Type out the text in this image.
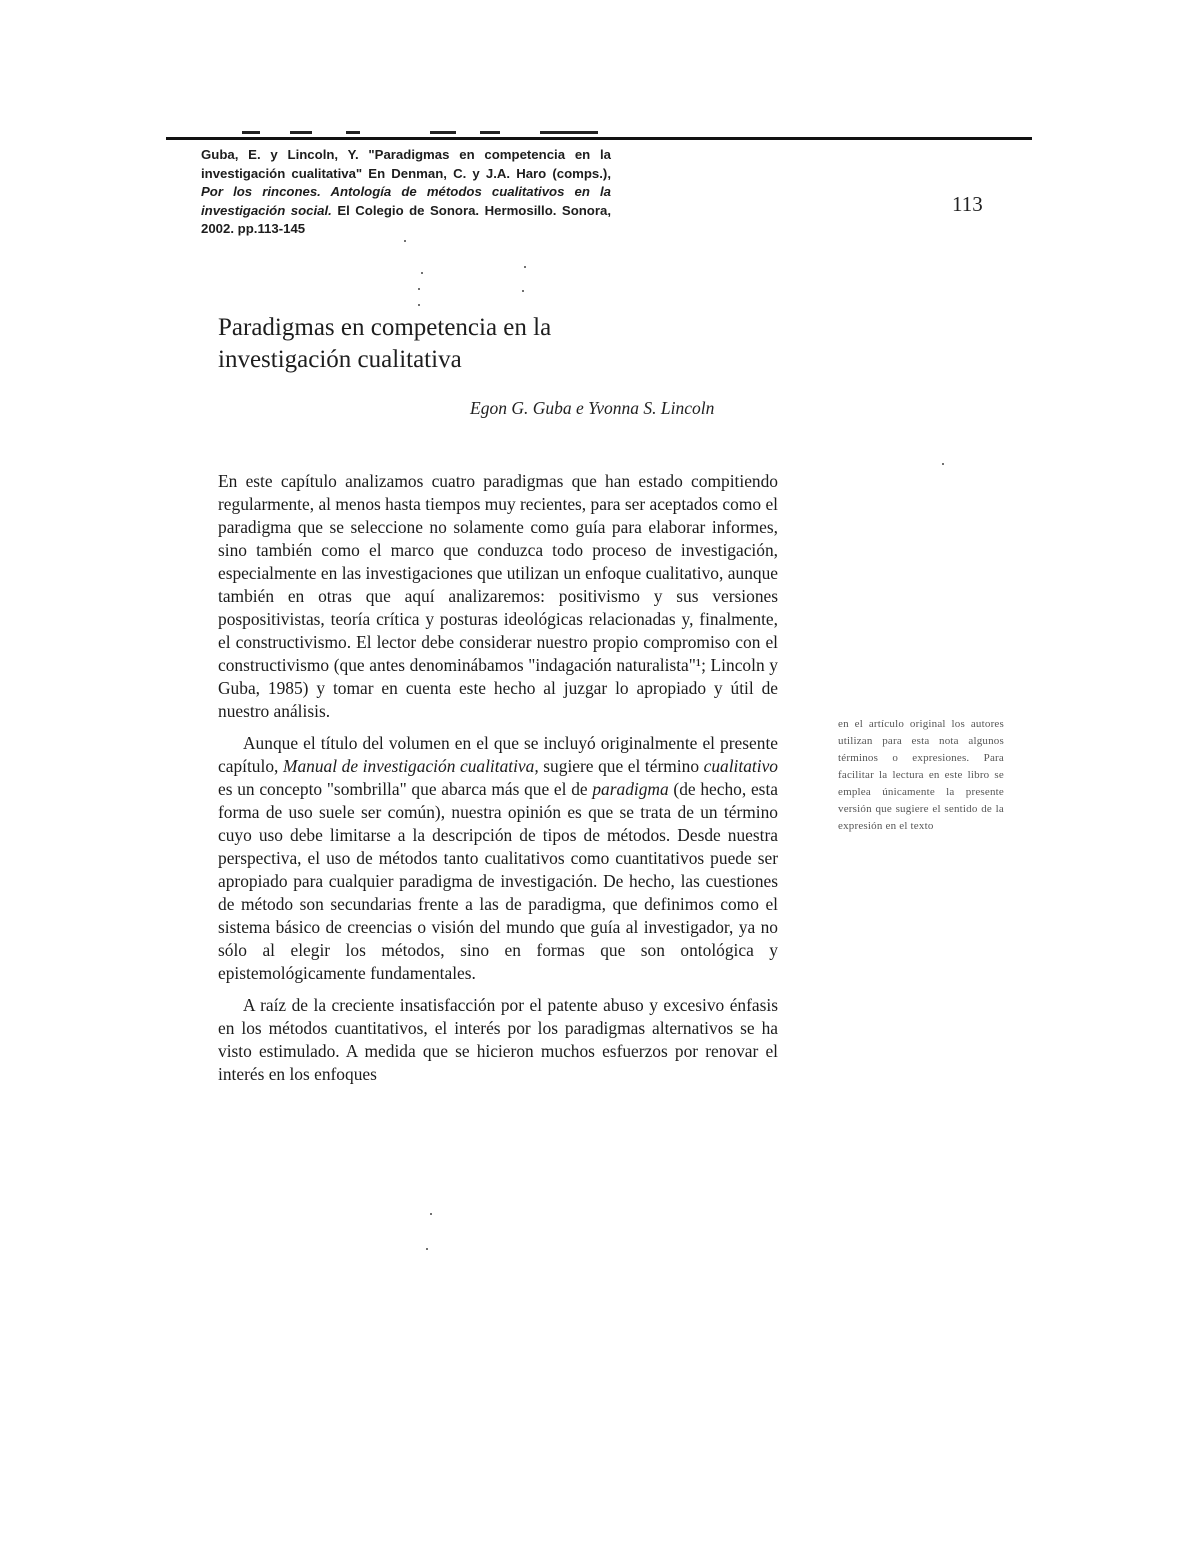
Guba, E. y Lincoln, Y. "Paradigmas en competencia en la investigación cualitativa" En Denman, C. y J.A. Haro (comps.), Por los rincones. Antología de métodos cualitativos en la investigación social. El Colegio de Sonora. Hermosillo. Sonora, 2002. pp.113-145
113
Paradigmas en competencia en la investigación cualitativa
Egon G. Guba e Yvonna S. Lincoln

En este capítulo analizamos cuatro paradigmas que han estado compitiendo regularmente, al menos hasta tiempos muy recientes, para ser aceptados como el paradigma que se seleccione no solamente como guía para elaborar informes, sino también como el marco que conduzca todo proceso de investigación, especialmente en las investigaciones que utilizan un enfoque cualitativo, aunque también en otras que aquí analizaremos: positivismo y sus versiones pospositivistas, teoría crítica y posturas ideológicas relacionadas y, finalmente, el constructivismo. El lector debe considerar nuestro propio compromiso con el constructivismo (que antes denominábamos "indagación naturalista"¹; Lincoln y Guba, 1985) y tomar en cuenta este hecho al juzgar lo apropiado y útil de nuestro análisis.

Aunque el título del volumen en el que se incluyó originalmente el presente capítulo, Manual de investigación cualitativa, sugiere que el término cualitativo es un concepto "sombrilla" que abarca más que el de paradigma (de hecho, esta forma de uso suele ser común), nuestra opinión es que se trata de un término cuyo uso debe limitarse a la descripción de tipos de métodos. Desde nuestra perspectiva, el uso de métodos tanto cualitativos como cuantitativos puede ser apropiado para cualquier paradigma de investigación. De hecho, las cuestiones de método son secundarias frente a las de paradigma, que definimos como el sistema básico de creencias o visión del mundo que guía al investigador, ya no sólo al elegir los métodos, sino en formas que son ontológica y epistemológicamente fundamentales.

A raíz de la creciente insatisfacción por el patente abuso y excesivo énfasis en los métodos cuantitativos, el interés por los paradigmas alternativos se ha visto estimulado. A medida que se hicieron muchos esfuerzos por renovar el interés en los enfoques

en el artículo original los autores utilizan para esta nota algunos términos o expresiones. Para facilitar la lectura en este libro se emplea únicamente la presente versión que sugiere el sentido de la expresión en el texto
